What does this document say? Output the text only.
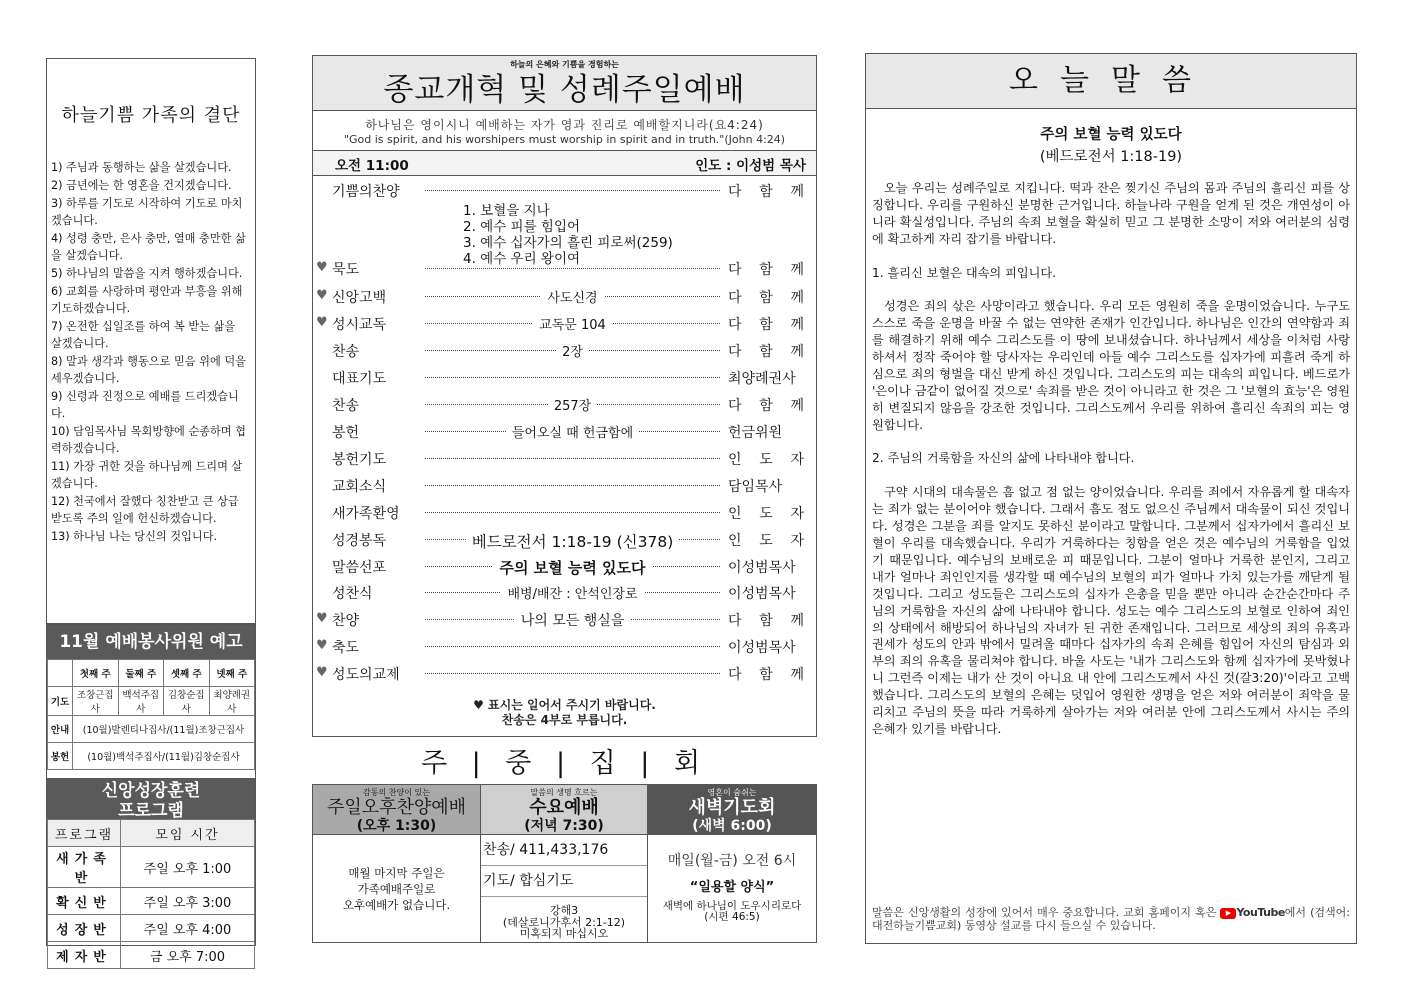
하늘기쁨 가족의 결단
1) 주님과 동행하는 삶을 살겠습니다.
2) 금년에는 한 영혼을 건지겠습니다.
3) 하루를 기도로 시작하여 기도로 마치겠습니다.
4) 성령 충만, 은사 충만, 열매 충만한 삶을 살겠습니다.
5) 하나님의 말씀을 지켜 행하겠습니다.
6) 교회를 사랑하며 평안과 부흥을 위해 기도하겠습니다.
7) 온전한 십일조를 하여 복 받는 삶을 살겠습니다.
8) 말과 생각과 행동으로 믿음 위에 덕을 세우겠습니다.
9) 신령과 진정으로 예배를 드리겠습니다.
10) 담임목사님 목회방향에 순종하며 협력하겠습니다.
11) 가장 귀한 것을 하나님께 드리며 살겠습니다.
12) 천국에서 잘했다 칭찬받고 큰 상급 받도록 주의 일에 헌신하겠습니다.
13) 하나님 나는 당신의 것입니다.
11월 예배봉사위원 예고
	첫째 주	둘째 주	셋째 주	넷째 주
기도	조창근집사	백석주집사	김창순집사	최양례권사
안내	(10월)발렌티나집사/(11월)조창근집사			
봉헌	(10월)백석주집사/(11월)김창순집사			
신앙성장훈련
프로그램
프로그램	모임 시간
새가족반	주일 오후 1:00
확신반	주일 오후 3:00
성장반	주일 오후 4:00
제자반	금 오후 7:00
하늘의 은혜와 기쁨을 경험하는
종교개혁 및 성례주일예배
하나님은 영이시니 예배하는 자가 영과 진리로 예배할지니라(요4:24)
"God is spirit, and his worshipers must worship in spirit and in truth."(John 4:24)
오전 11:00	인도 : 이성범 목사
기쁨의찬양	다 함 께
♥ 묵도	다 함 께
♥ 신앙고백	사도신경	다 함 께
♥ 성시교독	교독문 104	다 함 께
찬송	2장	다 함 께
대표기도	최양례권사
찬송	257장	다 함 께
봉헌	들어오실 때 헌금함에	헌금위원
봉헌기도	인 도 자
교회소식	담임목사
새가족환영	인 도 자
성경봉독	베드로전서 1:18-19 (신378)	인 도 자
말씀선포	주의 보혈 능력 있도다	이성범목사
성찬식	배병/배잔 : 안석인장로	이성범목사
♥ 찬양	나의 모든 행실을	다 함 께
♥ 축도	이성범목사
♥ 성도의교제	다 함 께
1. 보혈을 지나
2. 예수 피를 힘입어
3. 예수 십자가의 흘린 피로써(259)
4. 예수 우리 왕이여
♥ 표시는 일어서 주시기 바랍니다.
찬송은 4부로 부릅니다.
주 | 중 | 집 | 회
감동의 찬양이 있는
주일오후찬양예배
(오후 1:30)
매월 마지막 주일은
가족예배주일로
오후예배가 없습니다.
말씀의 생명 흐르는
수요예배
(저녁 7:30)
찬송/ 411,433,176
기도/ 합심기도
강해3
(데살로니가후서 2:1-12)
미혹되지 마십시오
영혼이 숨쉬는
새벽기도회
(새벽 6:00)
매일(월-금) 오전 6시
“일용할 양식”
새벽에 하나님이 도우시리로다
(시편 46:5)
오늘말씀
주의 보혈 능력 있도다
(베드로전서 1:18-19)

오늘 우리는 성례주일로 지킵니다. 떡과 잔은 찢기신 주님의 몸과 주님의 흘리신 피를 상징합니다. 우리를 구원하신 분명한 근거입니다. 하늘나라 구원을 얻게 된 것은 개연성이 아니라 확실성입니다. 주님의 속죄 보혈을 확실히 믿고 그 분명한 소망이 저와 여러분의 심령에 확고하게 자리 잡기를 바랍니다.

1. 흘리신 보혈은 대속의 피입니다.

성경은 죄의 삯은 사망이라고 했습니다. 우리 모든 영원히 죽을 운명이었습니다. 누구도 스스로 죽을 운명을 바꿀 수 없는 연약한 존재가 인간입니다. 하나님은 인간의 연약함과 죄를 해결하기 위해 예수 그리스도를 이 땅에 보내셨습니다. 하나님께서 세상을 이처럼 사랑하셔서 정작 죽어야 할 당사자는 우리인데 아들 예수 그리스도를 십자가에 피흘려 죽게 하심으로 죄의 형벌을 대신 받게 하신 것입니다. 그리스도의 피는 대속의 피입니다. 베드로가 '은이나 금같이 없어질 것으로' 속죄를 받은 것이 아니라고 한 것은 그 '보혈의 효능'은 영원히 변질되지 않음을 강조한 것입니다. 그리스도께서 우리를 위하여 흘리신 속죄의 피는 영원합니다.

2. 주님의 거룩함을 자신의 삶에 나타내야 합니다.

구약 시대의 대속물은 흠 없고 점 없는 양이었습니다. 우리를 죄에서 자유롭게 할 대속자는 죄가 없는 분이어야 했습니다. 그래서 흠도 점도 없으신 주님께서 대속물이 되신 것입니다. 성경은 그분을 죄를 알지도 못하신 분이라고 말합니다. 그분께서 십자가에서 흘리신 보혈이 우리를 대속했습니다. 우리가 거룩하다는 칭함을 얻은 것은 예수님의 거룩함을 입었기 때문입니다. 예수님의 보배로운 피 때문입니다. 그분이 얼마나 거룩한 분인지, 그리고 내가 얼마나 죄인인지를 생각할 때 예수님의 보혈의 피가 얼마나 가치 있는가를 깨닫게 될 것입니다. 그리고 성도들은 그리스도의 십자가 은총을 믿을 뿐만 아니라 순간순간마다 주님의 거룩함을 자신의 삶에 나타내야 합니다. 성도는 예수 그리스도의 보혈로 인하여 죄인의 상태에서 해방되어 하나님의 자녀가 된 귀한 존재입니다. 그러므로 세상의 죄의 유혹과 권세가 성도의 안과 밖에서 밀려올 때마다 십자가의 속죄 은혜를 힘입어 자신의 탐심과 외부의 죄의 유혹을 물리쳐야 합니다. 바울 사도는 '내가 그리스도와 함께 십자가에 못박혔나니 그런즉 이제는 내가 산 것이 아니요 내 안에 그리스도께서 사신 것(갈3:20)'이라고 고백했습니다. 그리스도의 보혈의 은혜는 덧입어 영원한 생명을 얻은 저와 여러분이 죄악을 물리치고 주님의 뜻을 따라 거룩하게 살아가는 저와 여러분 안에 그리스도께서 사시는 주의 은혜가 있기를 바랍니다.

말씀은 신앙생활의 성장에 있어서 매우 중요합니다. 교회 홈페이지 혹은 ▶ YouTube에서 (검색어:대전하늘기쁨교회) 동영상 설교를 다시 들으실 수 있습니다.
